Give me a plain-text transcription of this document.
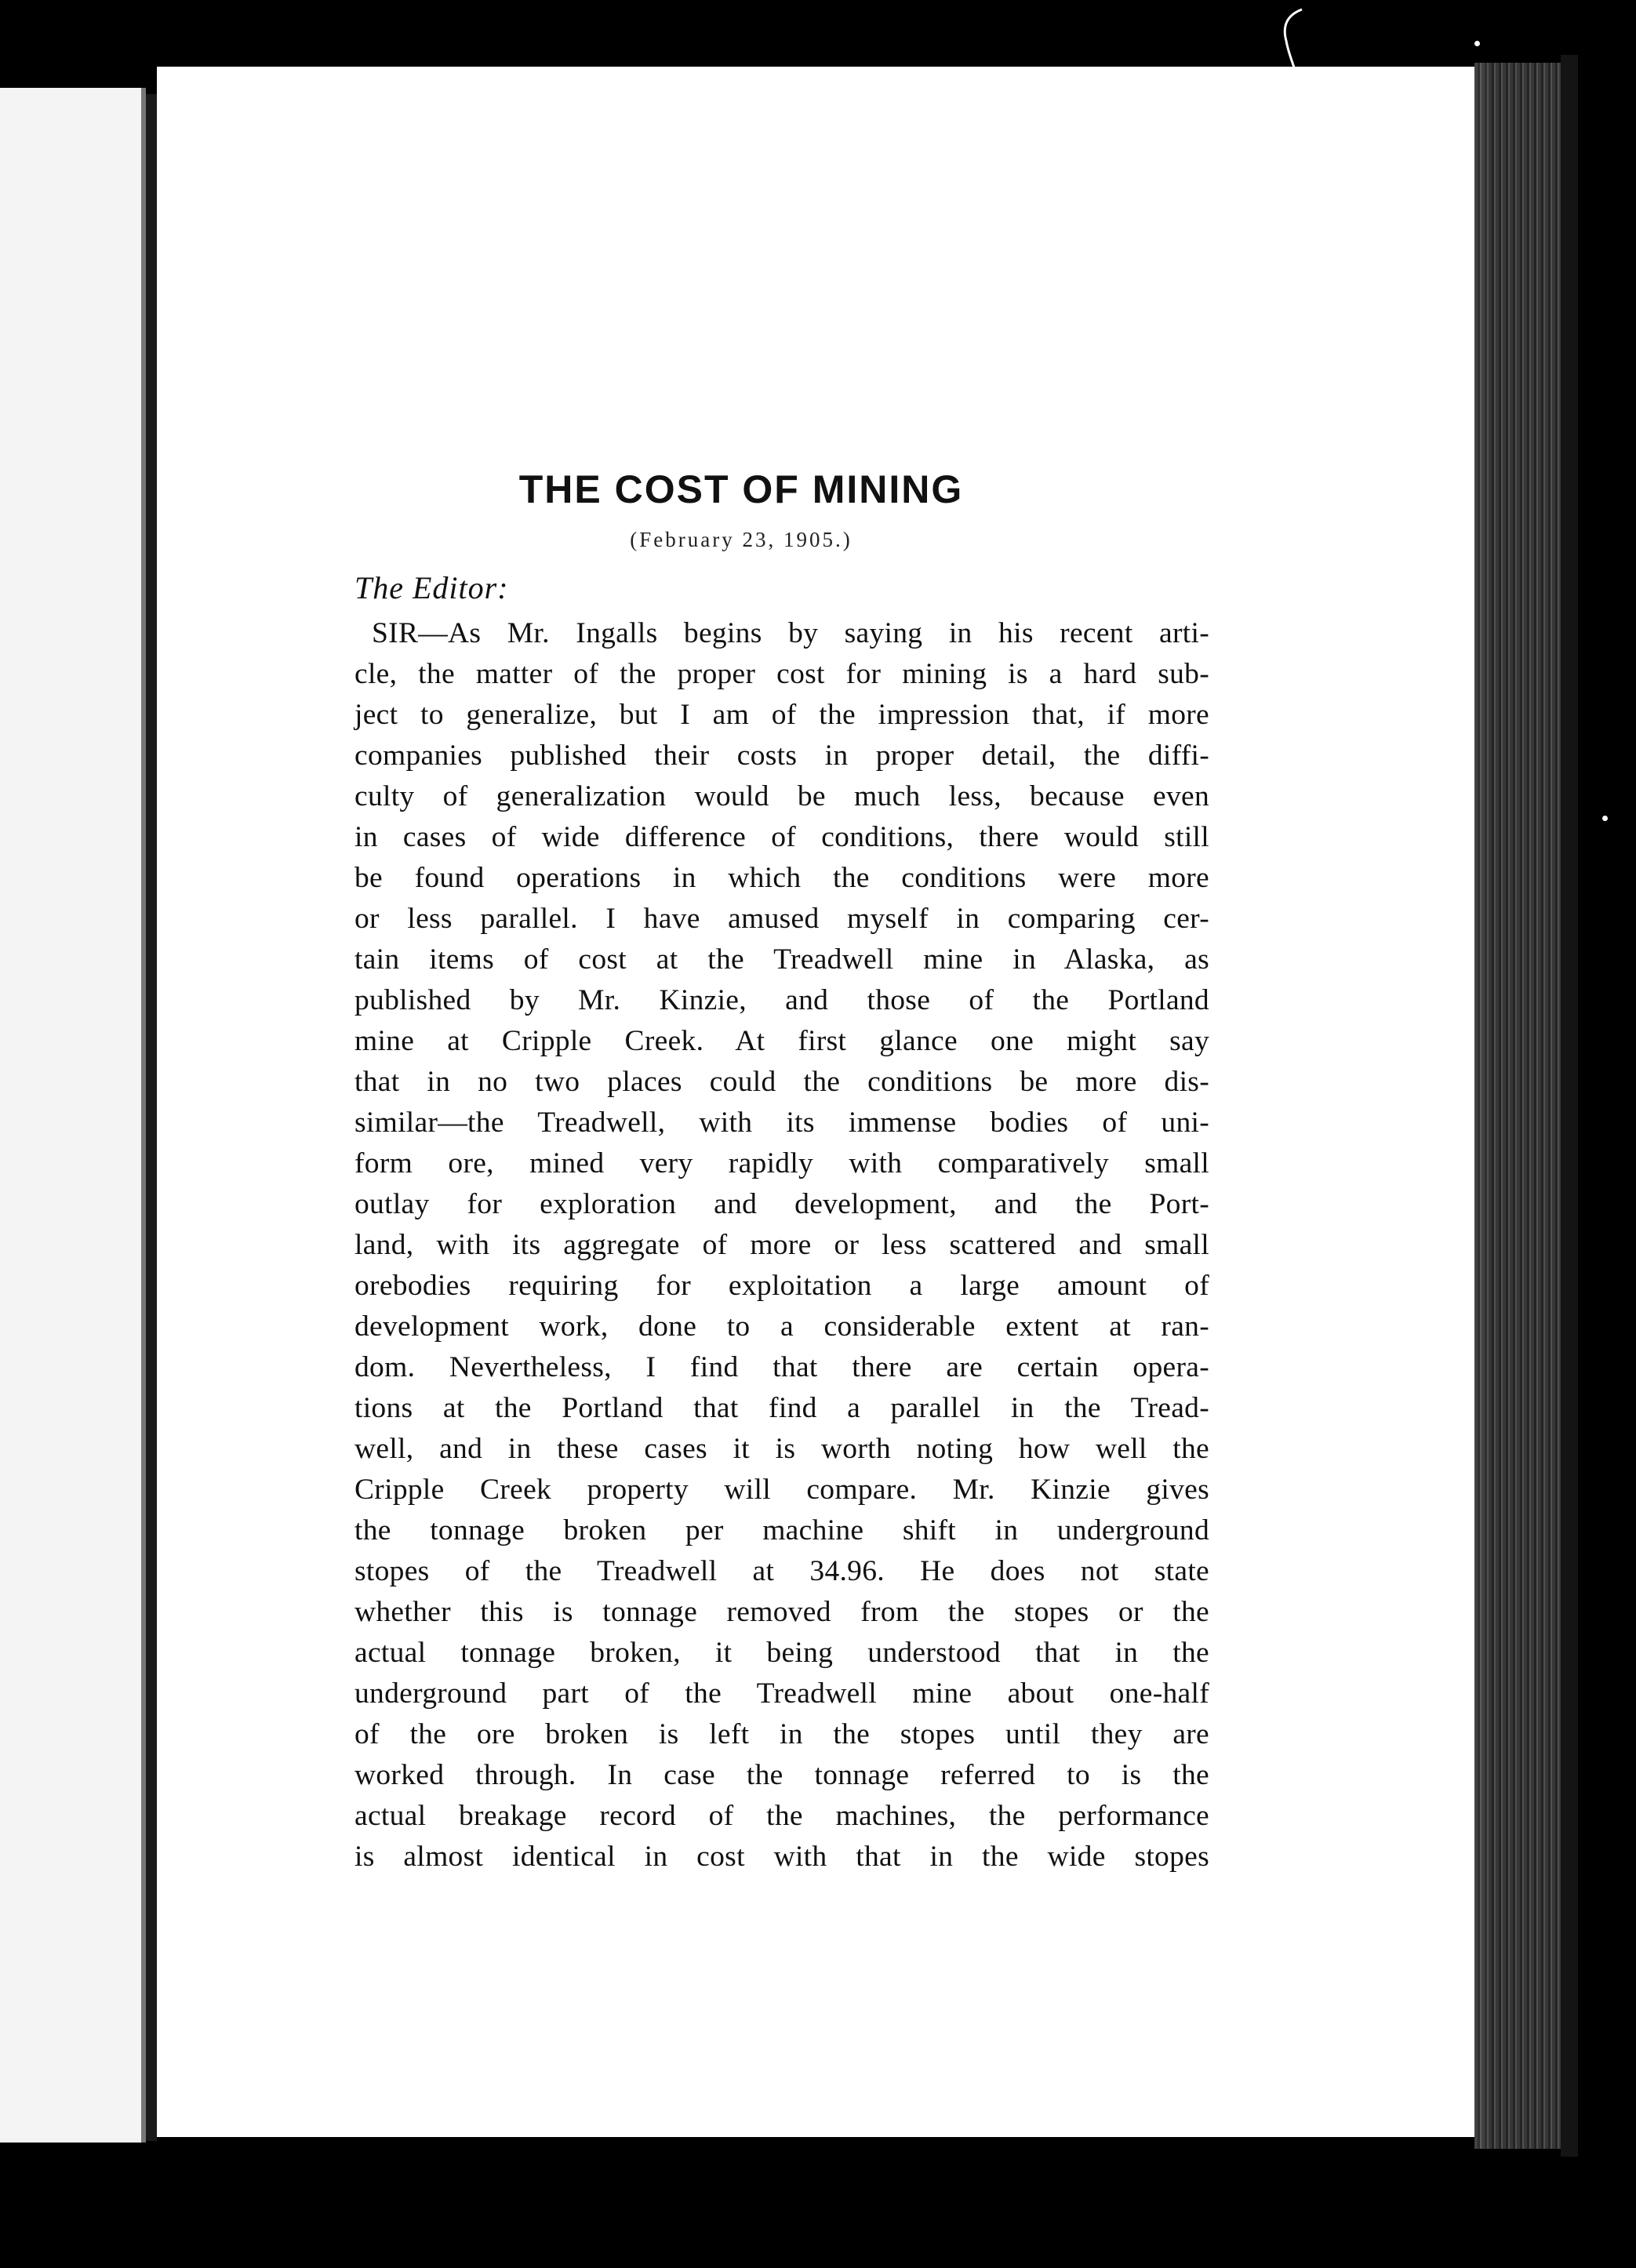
THE COST OF MINING
(February 23, 1905.)
The Editor:
SIR—As Mr. Ingalls begins by saying in his recent arti-
cle, the matter of the proper cost for mining is a hard sub-
ject to generalize, but I am of the impression that, if more
companies published their costs in proper detail, the diffi-
culty of generalization would be much less, because even
in cases of wide difference of conditions, there would still
be found operations in which the conditions were more
or less parallel. I have amused myself in comparing cer-
tain items of cost at the Treadwell mine in Alaska, as
published by Mr. Kinzie, and those of the Portland
mine at Cripple Creek. At first glance one might say
that in no two places could the conditions be more dis-
similar—the Treadwell, with its immense bodies of uni-
form ore, mined very rapidly with comparatively small
outlay for exploration and development, and the Port-
land, with its aggregate of more or less scattered and small
orebodies requiring for exploitation a large amount of
development work, done to a considerable extent at ran-
dom. Nevertheless, I find that there are certain opera-
tions at the Portland that find a parallel in the Tread-
well, and in these cases it is worth noting how well the
Cripple Creek property will compare. Mr. Kinzie gives
the tonnage broken per machine shift in underground
stopes of the Treadwell at 34.96. He does not state
whether this is tonnage removed from the stopes or the
actual tonnage broken, it being understood that in the
underground part of the Treadwell mine about one-half
of the ore broken is left in the stopes until they are
worked through. In case the tonnage referred to is the
actual breakage record of the machines, the performance
is almost identical in cost with that in the wide stopes
